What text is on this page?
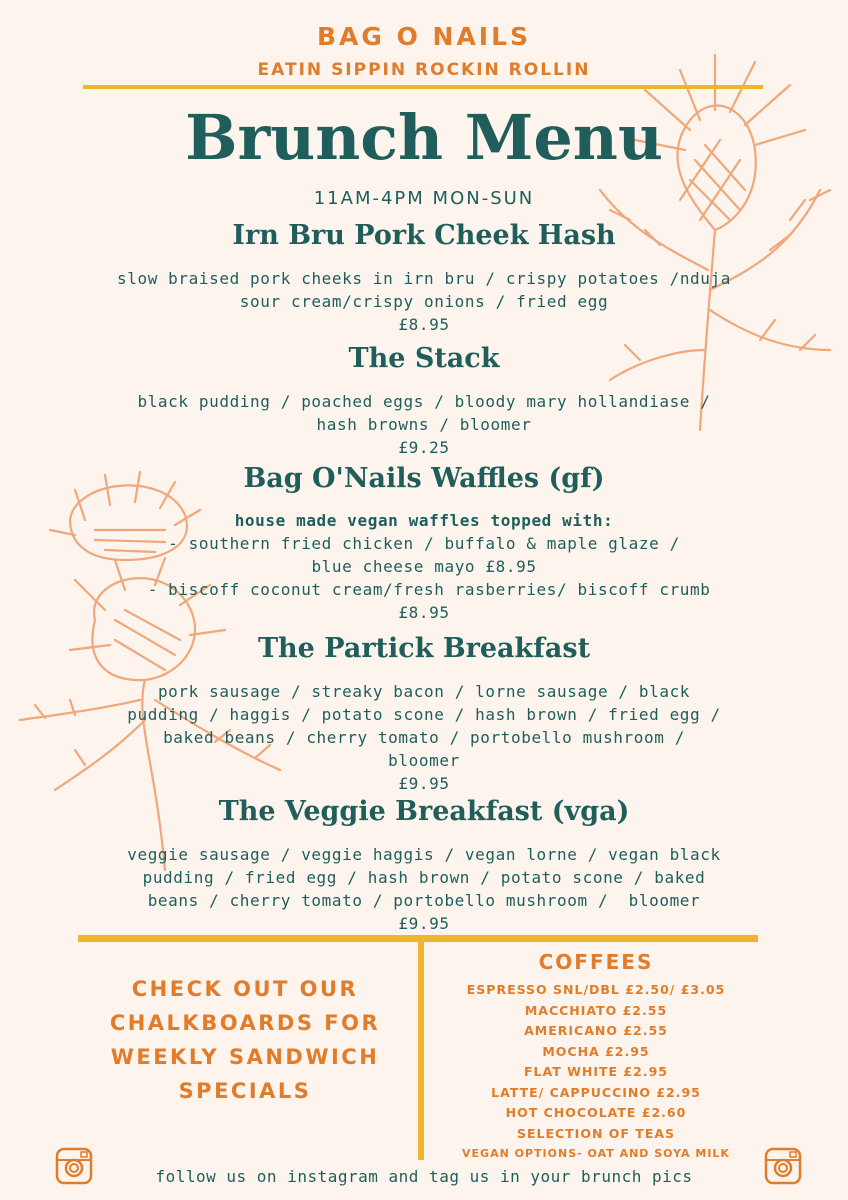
BAG O NAILS
EATIN SIPPIN ROCKIN ROLLIN
Brunch Menu
11AM-4PM MON-SUN
Irn Bru Pork Cheek Hash
slow braised pork cheeks in irn bru / crispy potatoes /nduja
sour cream/crispy onions / fried egg
£8.95
The Stack
black pudding / poached eggs / bloody mary hollandiase /
hash browns / bloomer
£9.25
Bag O'Nails Waffles (gf)
house made vegan waffles topped with:
- southern fried chicken / buffalo & maple glaze /
blue cheese mayo £8.95
- biscoff coconut cream/fresh rasberries/ biscoff crumb
£8.95
The Partick Breakfast
pork sausage / streaky bacon / lorne sausage / black
pudding / haggis / potato scone / hash brown / fried egg /
baked beans / cherry tomato / portobello mushroom /
bloomer
£9.95
The Veggie Breakfast (vga)
veggie sausage / veggie haggis / vegan lorne / vegan black
pudding / fried egg / hash brown / potato scone / baked
beans / cherry tomato / portobello mushroom /  bloomer
£9.95
CHECK OUT OUR
CHALKBOARDS FOR
WEEKLY SANDWICH
SPECIALS
COFFEES
ESPRESSO SNL/DBL £2.50/ £3.05
MACCHIATO £2.55
AMERICANO £2.55
MOCHA £2.95
FLAT WHITE £2.95
LATTE/ CAPPUCCINO £2.95
HOT CHOCOLATE £2.60
SELECTION OF TEAS
VEGAN OPTIONS- OAT AND SOYA MILK
follow us on instagram and tag us in your brunch pics
